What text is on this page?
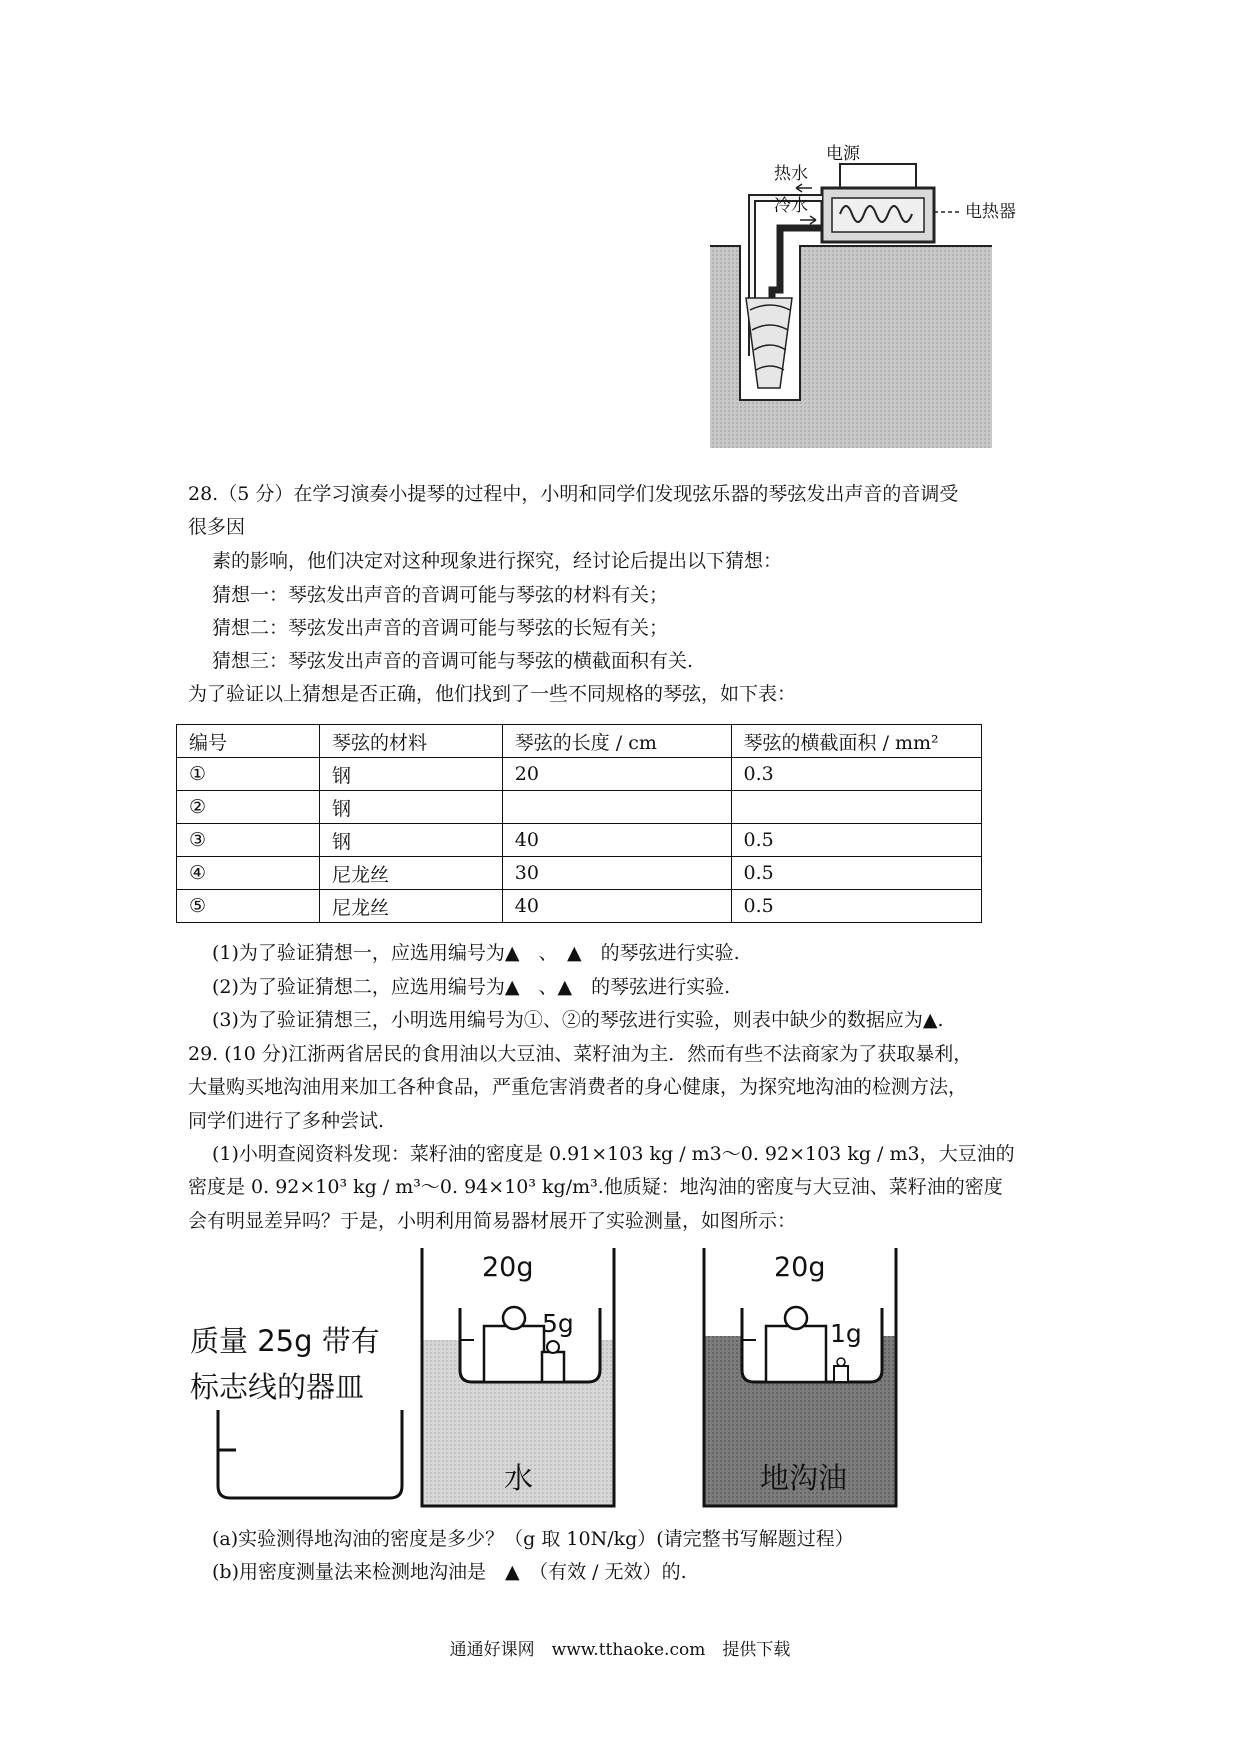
电源
热水
冷水	电热器
28.（5 分）在学习演奏小提琴的过程中，小明和同学们发现弦乐器的琴弦发出声音的音调受
很多因
素的影响，他们决定对这种现象进行探究，经讨论后提出以下猜想：
猜想一：琴弦发出声音的音调可能与琴弦的材料有关；
猜想二：琴弦发出声音的音调可能与琴弦的长短有关；
猜想三：琴弦发出声音的音调可能与琴弦的横截面积有关.
为了验证以上猜想是否正确，他们找到了一些不同规格的琴弦，如下表：
编号	琴弦的材料	琴弦的长度 / cm	琴弦的横截面积 / mm²
①	钢	20	0.3
②	钢		
③	钢	40	0.5
④	尼龙丝	30	0.5
⑤	尼龙丝	40	0.5
(1)为了验证猜想一，应选用编号为▲　、　▲　的琴弦进行实验.
(2)为了验证猜想二，应选用编号为▲　、▲　的琴弦进行实验.
(3)为了验证猜想三，小明选用编号为①、②的琴弦进行实验，则表中缺少的数据应为▲.
29. (10 分)江浙两省居民的食用油以大豆油、菜籽油为主．然而有些不法商家为了获取暴利，
大量购买地沟油用来加工各种食品，严重危害消费者的身心健康，为探究地沟油的检测方法，
同学们进行了多种尝试.
(1)小明查阅资料发现：菜籽油的密度是 0.91×103 kg / m3～0. 92×103 kg / m3，大豆油的
密度是 0. 92×10³ kg / m³～0. 94×10³ kg/m³.他质疑：地沟油的密度与大豆油、菜籽油的密度
会有明显差异吗？于是，小明利用简易器材展开了实验测量，如图所示：
质量 25g 带有
标志线的器皿
20g
5g
水
20g
1g
地沟油
(a)实验测得地沟油的密度是多少？（g 取 10N/kg）(请完整书写解题过程）
(b)用密度测量法来检测地沟油是　▲　（有效 / 无效）的.
通通好课网　www.tthaoke.com　提供下载
